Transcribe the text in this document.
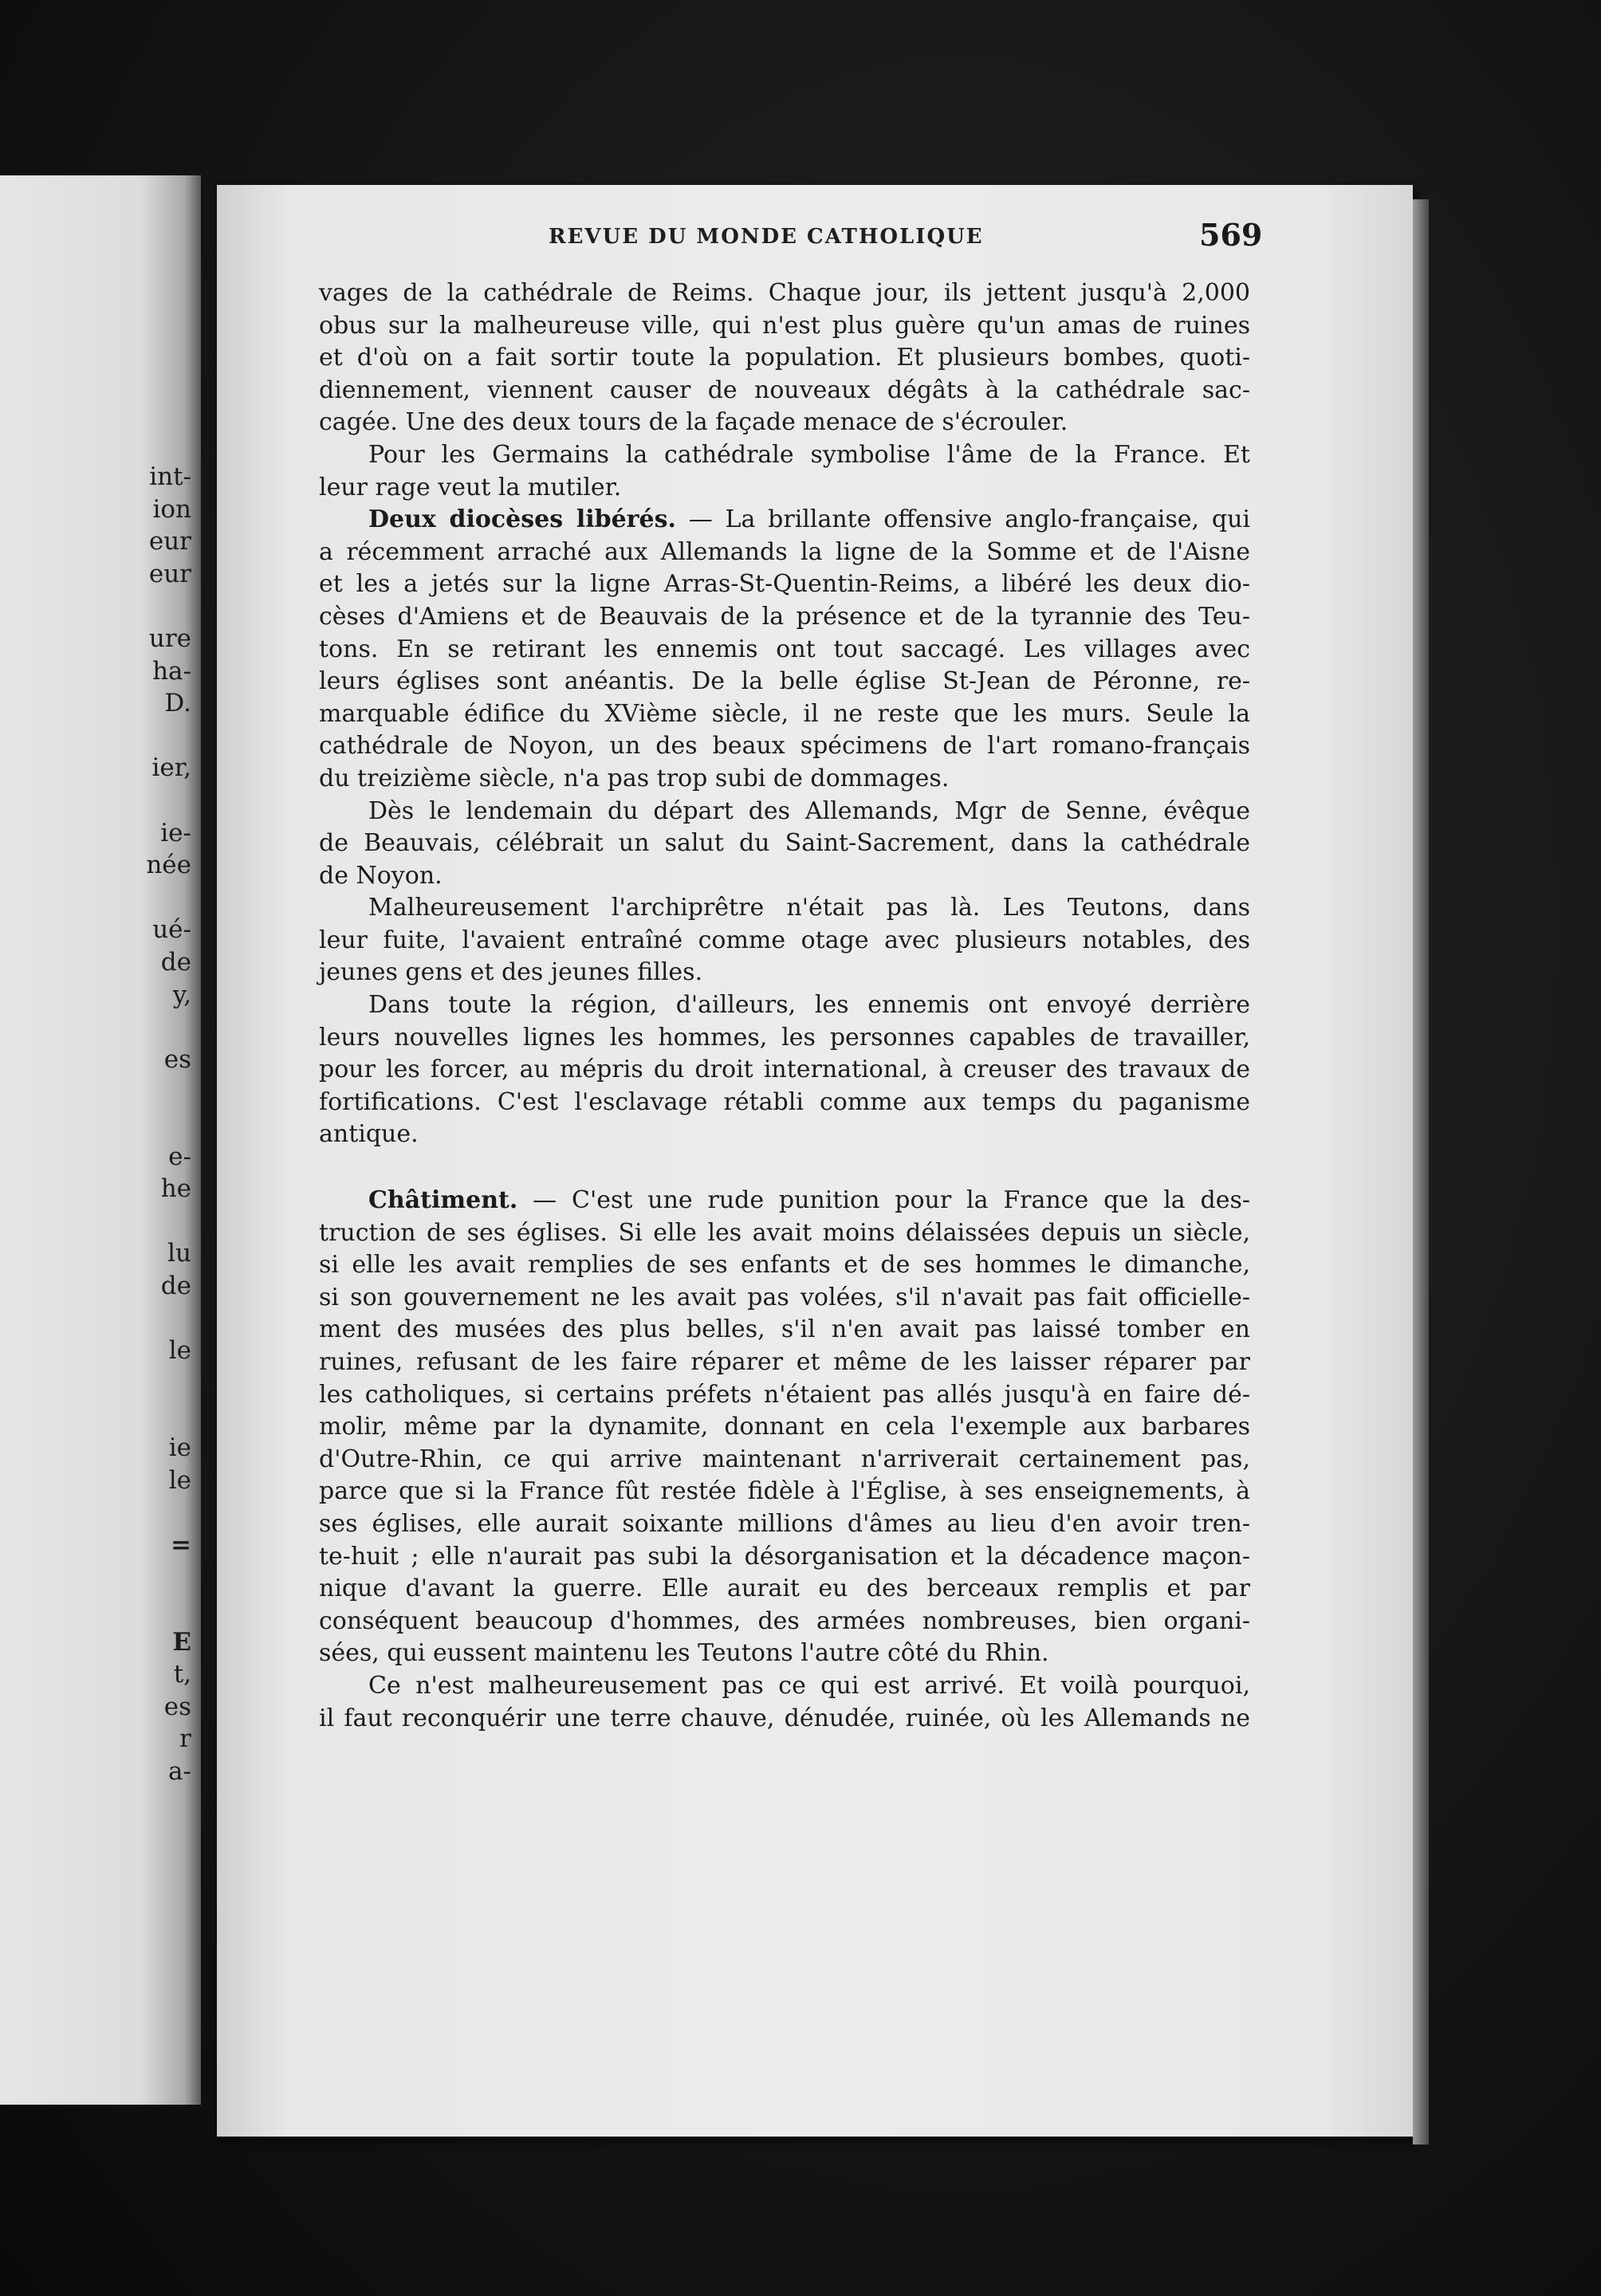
int-
ion
eur
eur
ure
ha-
D.
ier,
ie-
née
ué-
de
y,
es
e-
he
lu
de
le
ie
le
=
E
t,
es
r
a-
REVUE DU MONDE CATHOLIQUE	569
vages de la cathédrale de Reims. Chaque jour, ils jettent jusqu'à 2,000
obus sur la malheureuse ville, qui n'est plus guère qu'un amas de ruines
et d'où on a fait sortir toute la population. Et plusieurs bombes, quoti-
diennement, viennent causer de nouveaux dégâts à la cathédrale sac-
cagée. Une des deux tours de la façade menace de s'écrouler.
Pour les Germains la cathédrale symbolise l'âme de la France. Et
leur rage veut la mutiler.
Deux diocèses libérés. — La brillante offensive anglo-française, qui
a récemment arraché aux Allemands la ligne de la Somme et de l'Aisne
et les a jetés sur la ligne Arras-St-Quentin-Reims, a libéré les deux dio-
cèses d'Amiens et de Beauvais de la présence et de la tyrannie des Teu-
tons. En se retirant les ennemis ont tout saccagé. Les villages avec
leurs églises sont anéantis. De la belle église St-Jean de Péronne, re-
marquable édifice du XVième siècle, il ne reste que les murs. Seule la
cathédrale de Noyon, un des beaux spécimens de l'art romano-français
du treizième siècle, n'a pas trop subi de dommages.
Dès le lendemain du départ des Allemands, Mgr de Senne, évêque
de Beauvais, célébrait un salut du Saint-Sacrement, dans la cathédrale
de Noyon.
Malheureusement l'archiprêtre n'était pas là. Les Teutons, dans
leur fuite, l'avaient entraîné comme otage avec plusieurs notables, des
jeunes gens et des jeunes filles.
Dans toute la région, d'ailleurs, les ennemis ont envoyé derrière
leurs nouvelles lignes les hommes, les personnes capables de travailler,
pour les forcer, au mépris du droit international, à creuser des travaux de
fortifications. C'est l'esclavage rétabli comme aux temps du paganisme
antique.
Châtiment. — C'est une rude punition pour la France que la des-
truction de ses églises. Si elle les avait moins délaissées depuis un siècle,
si elle les avait remplies de ses enfants et de ses hommes le dimanche,
si son gouvernement ne les avait pas volées, s'il n'avait pas fait officielle-
ment des musées des plus belles, s'il n'en avait pas laissé tomber en
ruines, refusant de les faire réparer et même de les laisser réparer par
les catholiques, si certains préfets n'étaient pas allés jusqu'à en faire dé-
molir, même par la dynamite, donnant en cela l'exemple aux barbares
d'Outre-Rhin, ce qui arrive maintenant n'arriverait certainement pas,
parce que si la France fût restée fidèle à l'Église, à ses enseignements, à
ses églises, elle aurait soixante millions d'âmes au lieu d'en avoir tren-
te-huit ; elle n'aurait pas subi la désorganisation et la décadence maçon-
nique d'avant la guerre. Elle aurait eu des berceaux remplis et par
conséquent beaucoup d'hommes, des armées nombreuses, bien organi-
sées, qui eussent maintenu les Teutons l'autre côté du Rhin.
Ce n'est malheureusement pas ce qui est arrivé. Et voilà pourquoi,
il faut reconquérir une terre chauve, dénudée, ruinée, où les Allemands ne
